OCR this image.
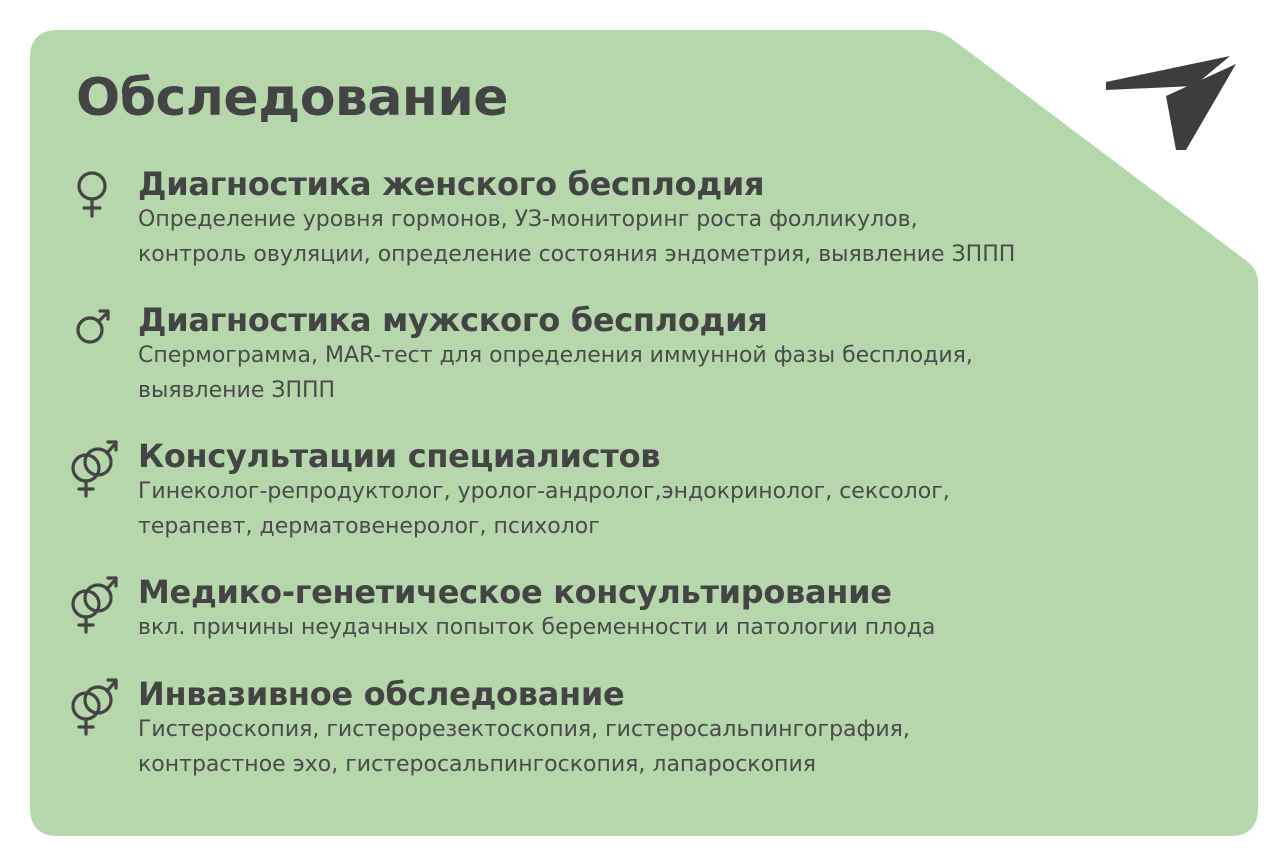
Обследование
Диагностика женского бесплодия

Определение уровня гормонов, УЗ-мониторинг роста фолликулов,
контроль овуляции, определение состояния эндометрия, выявление ЗППП

Диагностика мужского бесплодия

Спермограмма, MAR-тест для определения иммунной фазы бесплодия,
выявление ЗППП

Консультации специалистов

Гинеколог-репродуктолог, уролог-андролог,эндокринолог, сексолог,
терапевт, дерматовенеролог, психолог

Медико-генетическое консультирование

вкл. причины неудачных попыток беременности и патологии плода

Инвазивное обследование

Гистероскопия, гистерорезектоскопия, гистеросальпингография,
контрастное эхо, гистеросальпингоскопия, лапароскопия
